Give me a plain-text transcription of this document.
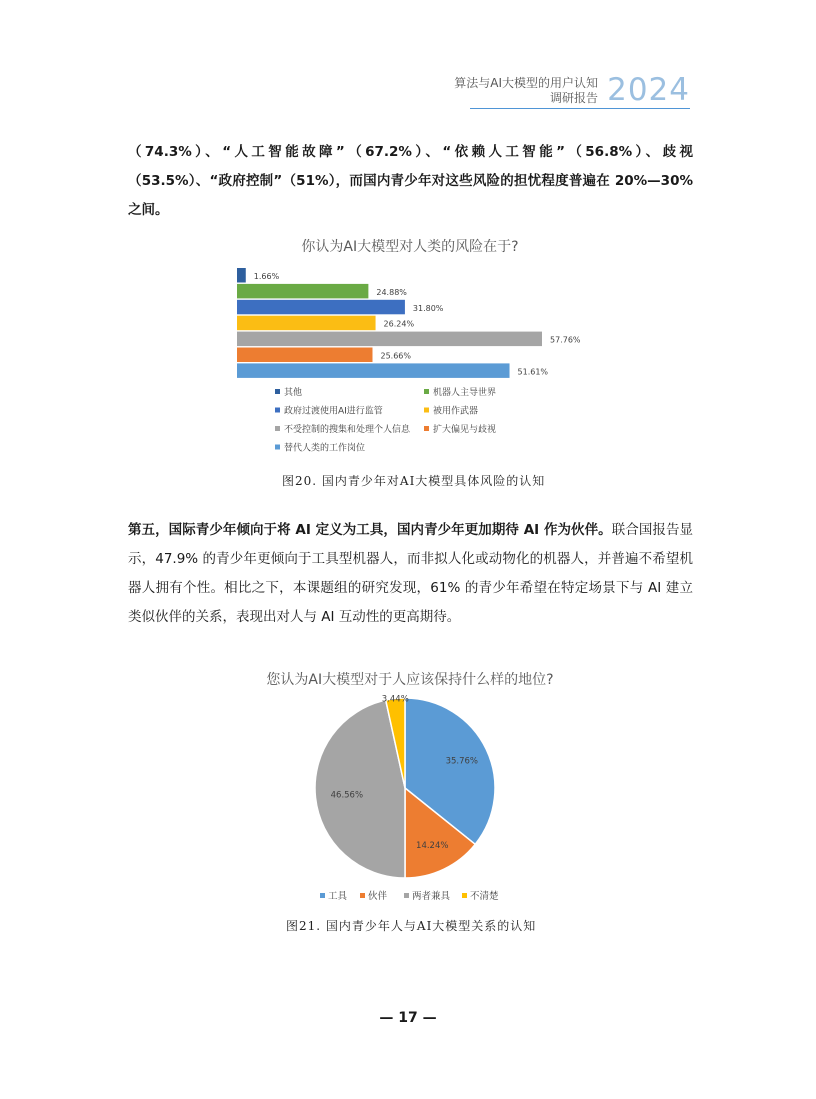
算法与AI大模型的用户认知
调研报告 2024
（74.3%）、“人工智能故障”（67.2%）、“依赖人工智能”（56.8%）、歧视（53.5%）、“政府控制”（51%），而国内青少年对这些风险的担忧程度普遍在 20%—30% 之间。
你认为AI大模型对人类的风险在于?
1.66%
24.88%
31.80%
26.24%
57.76%
25.66%
51.61%
其他	机器人主导世界
政府过渡使用AI进行监管	被用作武器
不受控制的搜集和处理个人信息	扩大偏见与歧视
替代人类的工作岗位
图20. 国内青少年对AI大模型具体风险的认知
第五，国际青少年倾向于将 AI 定义为工具，国内青少年更加期待 AI 作为伙伴。联合国报告显示，47.9% 的青少年更倾向于工具型机器人，而非拟人化或动物化的机器人，并普遍不希望机器人拥有个性。相比之下，本课题组的研究发现，61% 的青少年希望在特定场景下与 AI 建立类似伙伴的关系，表现出对人与 AI 互动性的更高期待。
您认为AI大模型对于人应该保持什么样的地位?
35.76%
14.24%
46.56%
3.44%
工具 伙伴	两者兼具 不清楚
图21. 国内青少年人与AI大模型关系的认知
— 17 —
